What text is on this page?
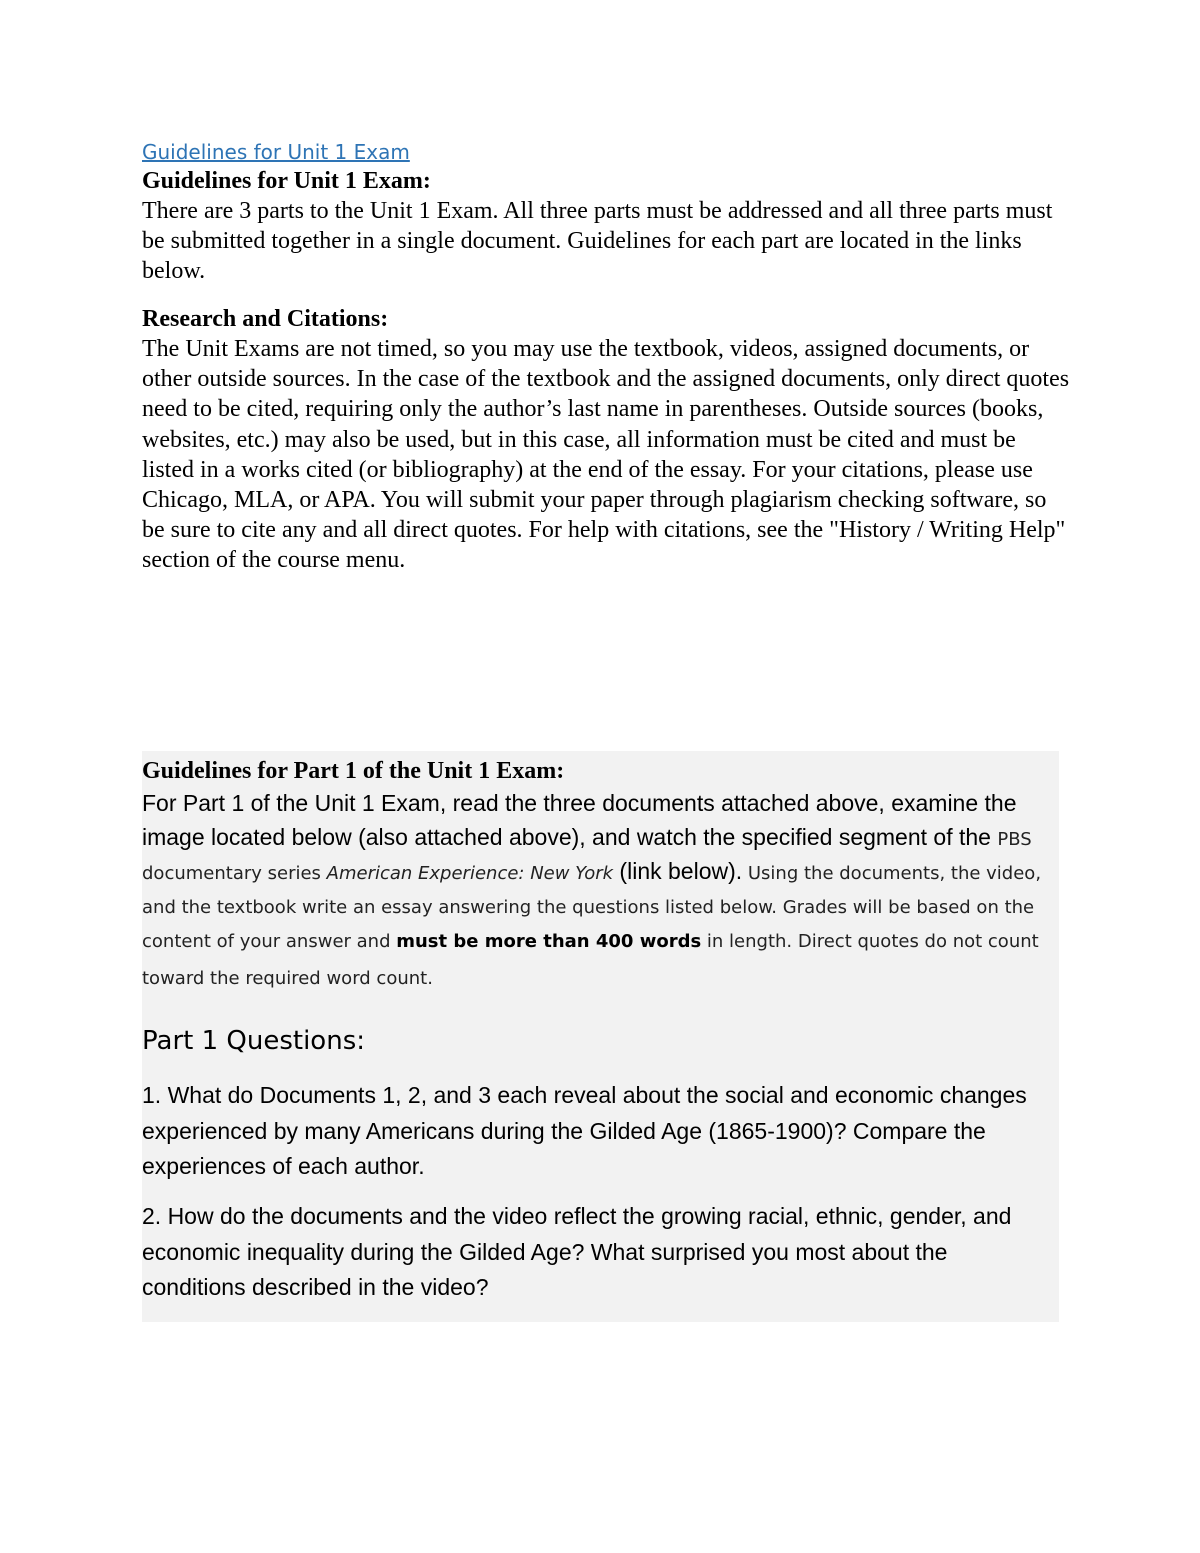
Guidelines for Unit 1 Exam

Guidelines for Unit 1 Exam:

There are 3 parts to the Unit 1 Exam. All three parts must be addressed and all three parts must be submitted together in a single document. Guidelines for each part are located in the links below.

Research and Citations:

The Unit Exams are not timed, so you may use the textbook, videos, assigned documents, or other outside sources. In the case of the textbook and the assigned documents, only direct quotes need to be cited, requiring only the author’s last name in parentheses. Outside sources (books, websites, etc.) may also be used, but in this case, all information must be cited and must be listed in a works cited (or bibliography) at the end of the essay. For your citations, please use Chicago, MLA, or APA. You will submit your paper through plagiarism checking software, so be sure to cite any and all direct quotes. For help with citations, see the "History / Writing Help" section of the course menu.

Guidelines for Part 1 of the Unit 1 Exam:

For Part 1 of the Unit 1 Exam, read the three documents attached above, examine the image located below (also attached above), and watch the specified segment of the PBS documentary series American Experience: New York (link below). Using the documents, the video, and the textbook write an essay answering the questions listed below. Grades will be based on the content of your answer and must be more than 400 words in length. Direct quotes do not count toward the required word count.

Part 1 Questions:

1. What do Documents 1, 2, and 3 each reveal about the social and economic changes experienced by many Americans during the Gilded Age (1865-1900)? Compare the experiences of each author.

2. How do the documents and the video reflect the growing racial, ethnic, gender, and economic inequality during the Gilded Age? What surprised you most about the conditions described in the video?
